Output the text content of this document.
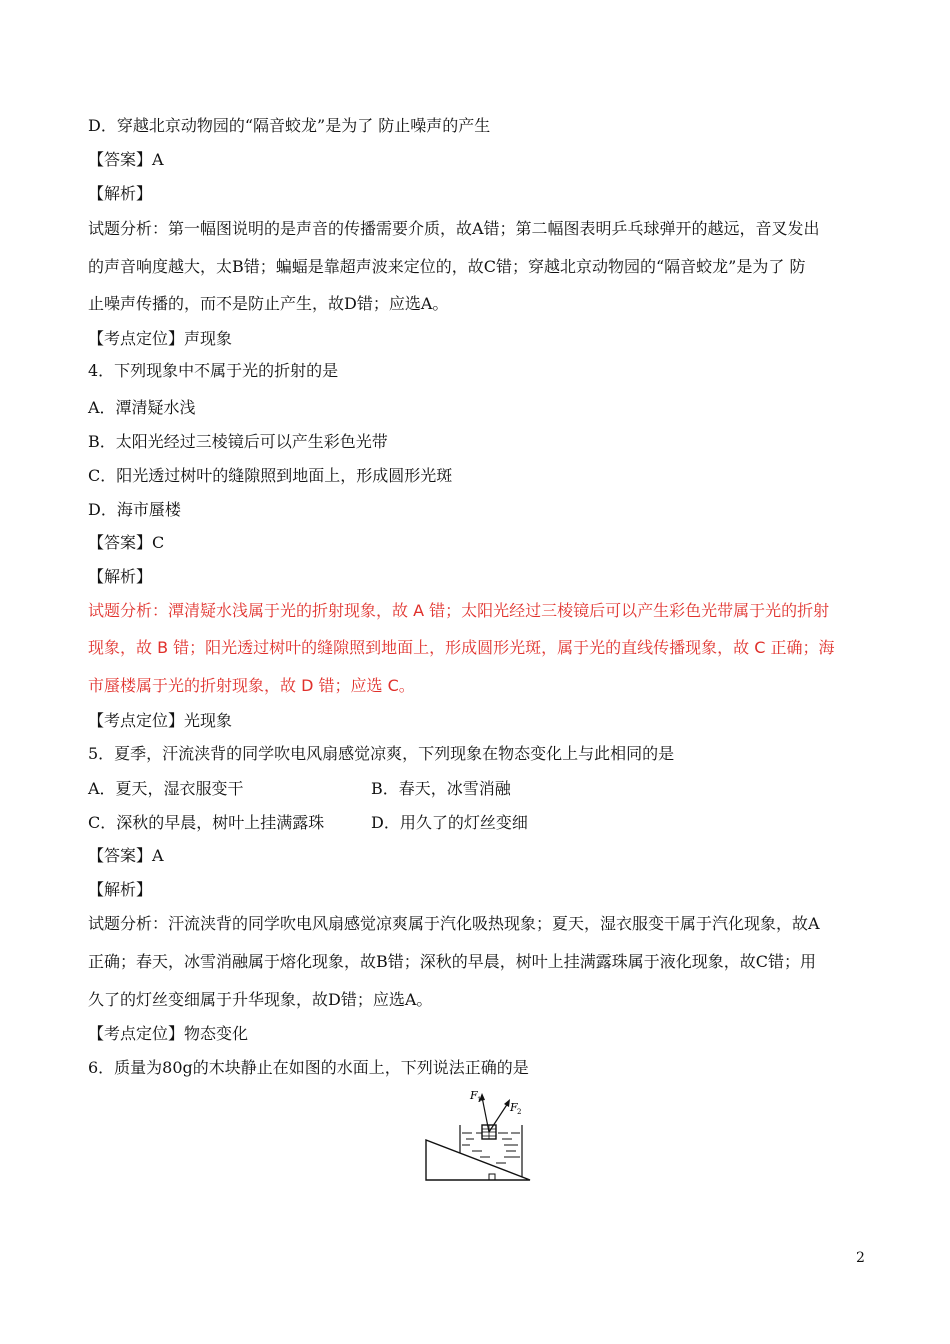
D．穿越北京动物园的“隔音蛟龙”是为了 防止噪声的产生
【答案】A
【解析】
试题分析：第一幅图说明的是声音的传播需要介质，故A错；第二幅图表明乒乓球弹开的越远，音叉发出
的声音响度越大，太B错；蝙蝠是靠超声波来定位的，故C错；穿越北京动物园的“隔音蛟龙”是为了 防
止噪声传播的，而不是防止产生，故D错；应选A。
【考点定位】声现象
4．下列现象中不属于光的折射的是
A．潭清疑水浅
B．太阳光经过三棱镜后可以产生彩色光带
C．阳光透过树叶的缝隙照到地面上，形成圆形光斑
D．海市蜃楼
【答案】C
【解析】
试题分析：潭清疑水浅属于光的折射现象，故 A 错；太阳光经过三棱镜后可以产生彩色光带属于光的折射
现象，故 B 错；阳光透过树叶的缝隙照到地面上，形成圆形光斑，属于光的直线传播现象，故 C 正确；海
市蜃楼属于光的折射现象，故 D 错；应选 C。
【考点定位】光现象
5．夏季，汗流浃背的同学吹电风扇感觉凉爽，下列现象在物态变化上与此相同的是
A．夏天，湿衣服变干	B．春天，冰雪消融
C．深秋的早晨，树叶上挂满露珠	D．用久了的灯丝变细
【答案】A
【解析】
试题分析：汗流浃背的同学吹电风扇感觉凉爽属于汽化吸热现象；夏天，湿衣服变干属于汽化现象，故A
正确；春天，冰雪消融属于熔化现象，故B错；深秋的早晨，树叶上挂满露珠属于液化现象，故C错；用
久了的灯丝变细属于升华现象，故D错；应选A。
【考点定位】物态变化
6．质量为80g的木块静止在如图的水面上，下列说法正确的是
F 1
F 2
2
